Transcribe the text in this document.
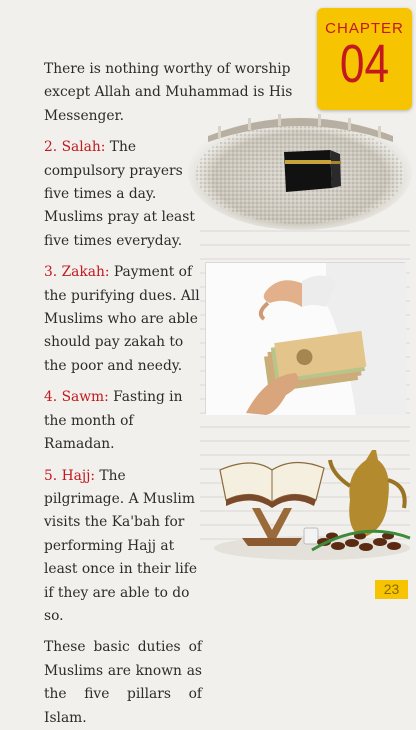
CHAPTER
04

There is nothing worthy of worship except Allah and Muhammad is His Messenger.

2. Salah: The compulsory prayers five times a day. Muslims pray at least five times everyday.

3. Zakah: Payment of the purifying dues. All Muslims who are able should pay zakah to the poor and needy.

4. Sawm: Fasting in the month of Ramadan.

5. Hajj: The pilgrimage. A Muslim visits the Ka'bah for performing Hajj at least once in their life if they are able to do so.

These basic duties of Muslims are known as the five pillars of Islam.

23
